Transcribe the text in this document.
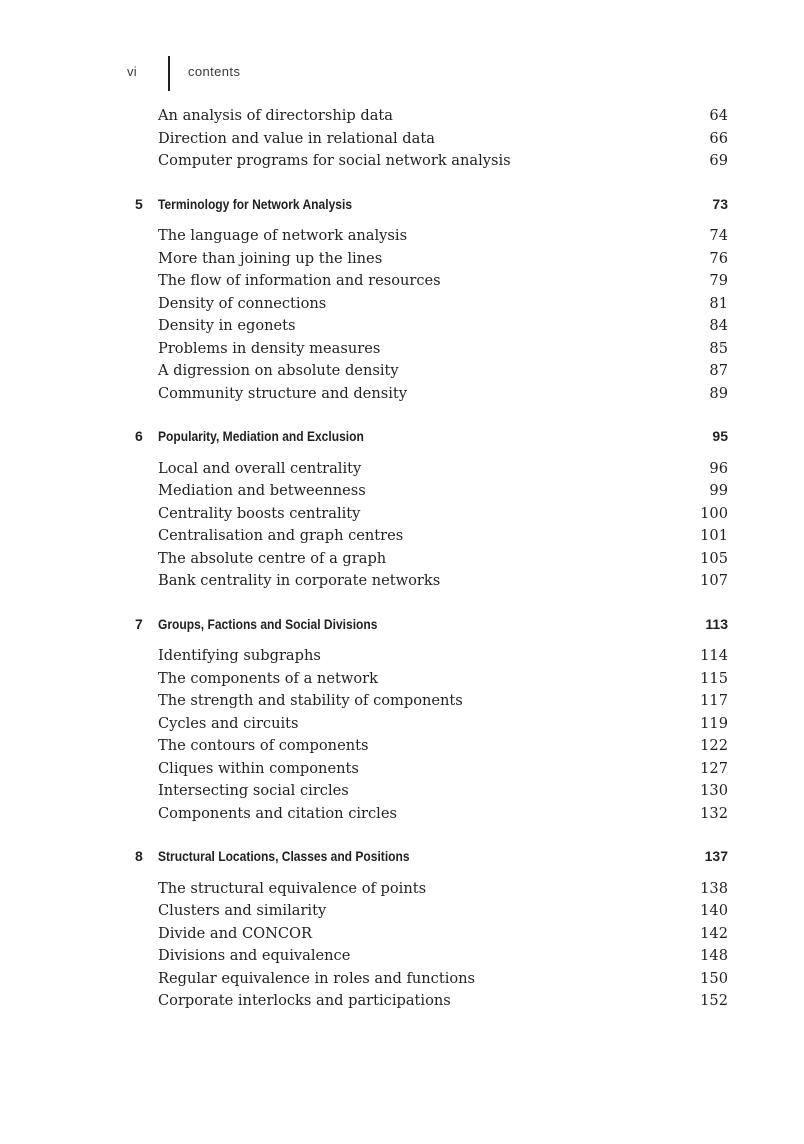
vi	contents
An analysis of directorship data	64
Direction and value in relational data	66
Computer programs for social network analysis	69
5 Terminology for Network Analysis	73
The language of network analysis	74
More than joining up the lines	76
The flow of information and resources	79
Density of connections	81
Density in egonets	84
Problems in density measures	85
A digression on absolute density	87
Community structure and density	89
6 Popularity, Mediation and Exclusion	95
Local and overall centrality	96
Mediation and betweenness	99
Centrality boosts centrality	100
Centralisation and graph centres	101
The absolute centre of a graph	105
Bank centrality in corporate networks	107
7 Groups, Factions and Social Divisions	113
Identifying subgraphs	114
The components of a network	115
The strength and stability of components	117
Cycles and circuits	119
The contours of components	122
Cliques within components	127
Intersecting social circles	130
Components and citation circles	132
8 Structural Locations, Classes and Positions	137
The structural equivalence of points	138
Clusters and similarity	140
Divide and CONCOR	142
Divisions and equivalence	148
Regular equivalence in roles and functions	150
Corporate interlocks and participations	152
